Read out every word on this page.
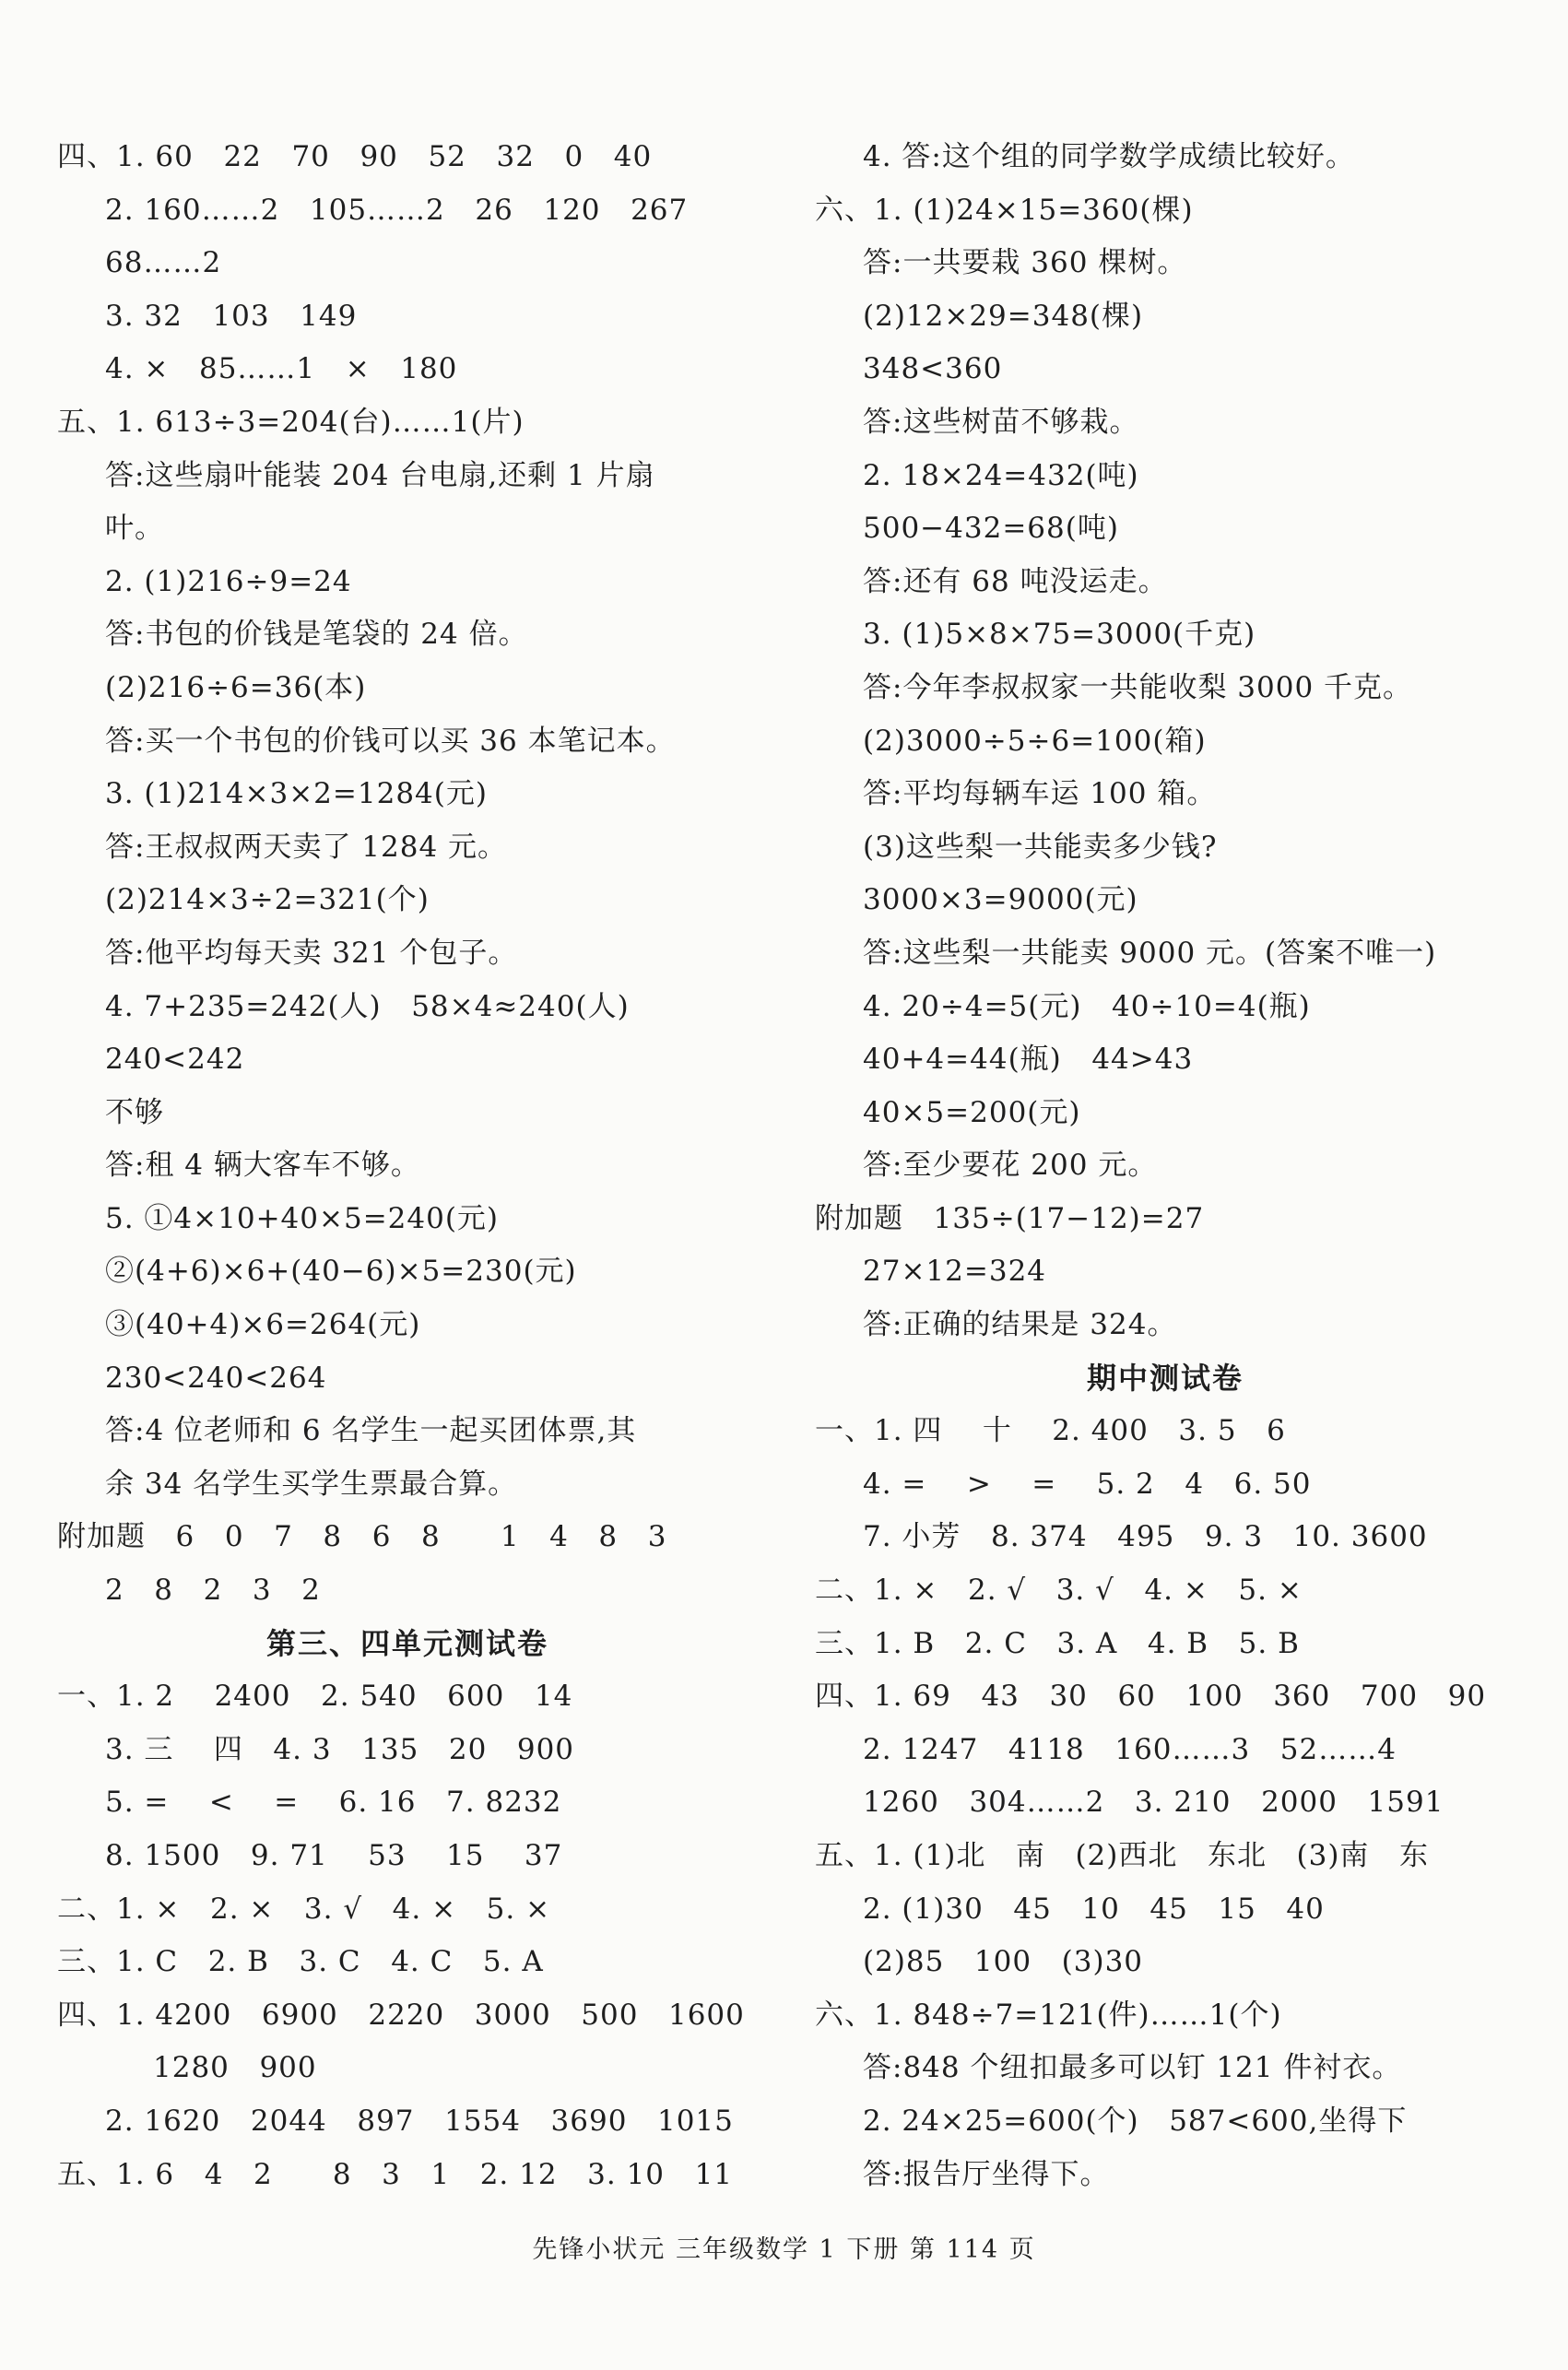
四、1. 60   22   70   90   52   32   0   40
2. 160……2   105……2   26   120   267
68……2
3. 32   103   149
4. ×   85……1   ×   180
五、1. 613÷3=204(台)……1(片)
答:这些扇叶能装 204 台电扇,还剩 1 片扇
叶。
2. (1)216÷9=24
答:书包的价钱是笔袋的 24 倍。
(2)216÷6=36(本)
答:买一个书包的价钱可以买 36 本笔记本。
3. (1)214×3×2=1284(元)
答:王叔叔两天卖了 1284 元。
(2)214×3÷2=321(个)
答:他平均每天卖 321 个包子。
4. 7+235=242(人)   58×4≈240(人)
240<242
不够
答:租 4 辆大客车不够。
5. ①4×10+40×5=240(元)
②(4+6)×6+(40−6)×5=230(元)
③(40+4)×6=264(元)
230<240<264
答:4 位老师和 6 名学生一起买团体票,其
余 34 名学生买学生票最合算。
附加题   6   0   7   8   6   8      1   4   8   3
2   8   2   3   2
第三、四单元测试卷
一、1. 2    2400   2. 540   600   14
3. 三    四   4. 3   135   20   900
5. =    <    =    6. 16   7. 8232
8. 1500   9. 71    53    15    37
二、1. ×   2. ×   3. √   4. ×   5. ×
三、1. C   2. B   3. C   4. C   5. A
四、1. 4200   6900   2220   3000   500   1600
1280   900
2. 1620   2044   897   1554   3690   1015
五、1. 6   4   2      8   3   1   2. 12   3. 10   11
4. 答:这个组的同学数学成绩比较好。
六、1. (1)24×15=360(棵)
答:一共要栽 360 棵树。
(2)12×29=348(棵)
348<360
答:这些树苗不够栽。
2. 18×24=432(吨)
500−432=68(吨)
答:还有 68 吨没运走。
3. (1)5×8×75=3000(千克)
答:今年李叔叔家一共能收梨 3000 千克。
(2)3000÷5÷6=100(箱)
答:平均每辆车运 100 箱。
(3)这些梨一共能卖多少钱?
3000×3=9000(元)
答:这些梨一共能卖 9000 元。(答案不唯一)
4. 20÷4=5(元)   40÷10=4(瓶)
40+4=44(瓶)   44>43
40×5=200(元)
答:至少要花 200 元。
附加题   135÷(17−12)=27
27×12=324
答:正确的结果是 324。
期中测试卷
一、1. 四    十    2. 400   3. 5   6
4. =    >    =    5. 2   4   6. 50
7. 小芳   8. 374   495   9. 3   10. 3600
二、1. ×   2. √   3. √   4. ×   5. ×
三、1. B   2. C   3. A   4. B   5. B
四、1. 69   43   30   60   100   360   700   90
2. 1247   4118   160……3   52……4
1260   304……2   3. 210   2000   1591
五、1. (1)北   南   (2)西北   东北   (3)南   东
2. (1)30   45   10   45   15   40
(2)85   100   (3)30
六、1. 848÷7=121(件)……1(个)
答:848 个纽扣最多可以钉 121 件衬衣。
2. 24×25=600(个)   587<600,坐得下
答:报告厅坐得下。
先锋小状元 三年级数学 1 下册 第 114 页
